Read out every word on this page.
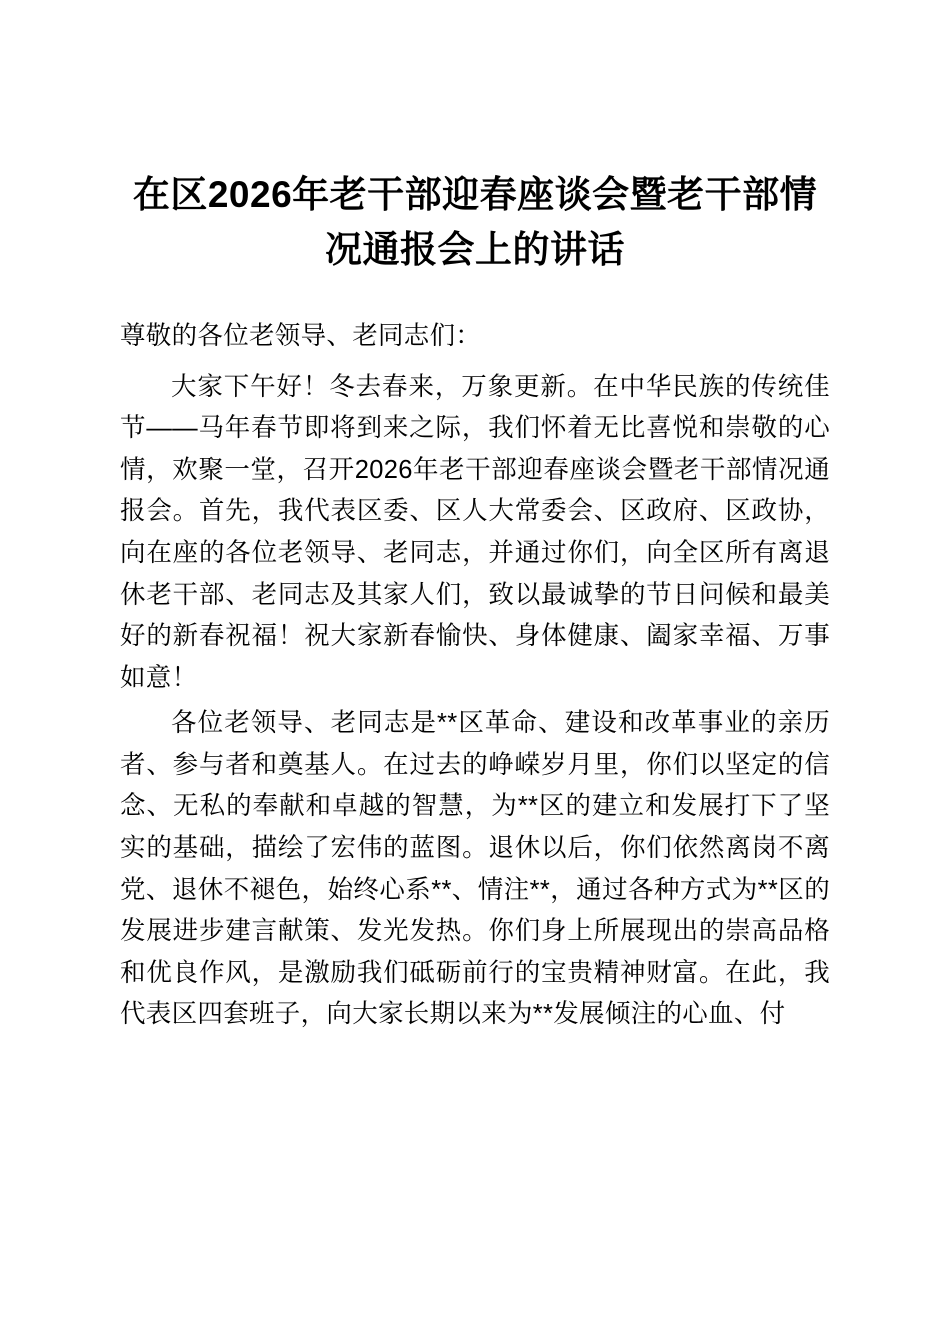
在区2026年老干部迎春座谈会暨老干部情况通报会上的讲话

尊敬的各位老领导、老同志们：

大家下午好！冬去春来，万象更新。在中华民族的传统佳节——马年春节即将到来之际，我们怀着无比喜悦和崇敬的心情，欢聚一堂，召开2026年老干部迎春座谈会暨老干部情况通报会。首先，我代表区委、区人大常委会、区政府、区政协，向在座的各位老领导、老同志，并通过你们，向全区所有离退休老干部、老同志及其家人们，致以最诚挚的节日问候和最美好的新春祝福！祝大家新春愉快、身体健康、阖家幸福、万事如意！

各位老领导、老同志是**区革命、建设和改革事业的亲历者、参与者和奠基人。在过去的峥嵘岁月里，你们以坚定的信念、无私的奉献和卓越的智慧，为**区的建立和发展打下了坚实的基础，描绘了宏伟的蓝图。退休以后，你们依然离岗不离党、退休不褪色，始终心系**、情注**，通过各种方式为**区的发展进步建言献策、发光发热。你们身上所展现出的崇高品格和优良作风，是激励我们砥砺前行的宝贵精神财富。在此，我代表区四套班子，向大家长期以来为**发展倾注的心血、付
